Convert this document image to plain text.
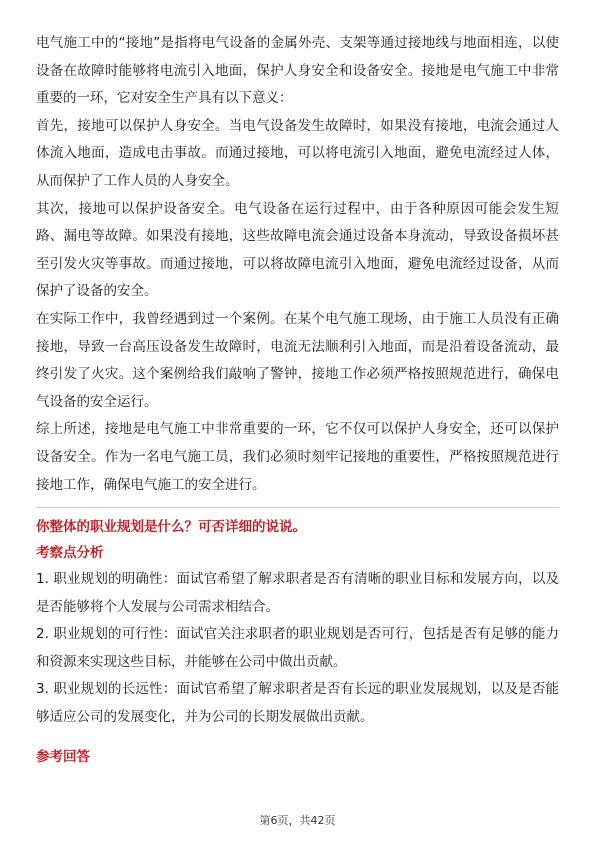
电气施工中的“接地”是指将电气设备的金属外壳、支架等通过接地线与地面相连，以使设备在故障时能够将电流引入地面，保护人身安全和设备安全。接地是电气施工中非常重要的一环，它对安全生产具有以下意义：

首先，接地可以保护人身安全。当电气设备发生故障时，如果没有接地，电流会通过人体流入地面，造成电击事故。而通过接地，可以将电流引入地面，避免电流经过人体，从而保护了工作人员的人身安全。

其次，接地可以保护设备安全。电气设备在运行过程中，由于各种原因可能会发生短路、漏电等故障。如果没有接地，这些故障电流会通过设备本身流动，导致设备损坏甚至引发火灾等事故。而通过接地，可以将故障电流引入地面，避免电流经过设备，从而保护了设备的安全。

在实际工作中，我曾经遇到过一个案例。在某个电气施工现场，由于施工人员没有正确接地，导致一台高压设备发生故障时，电流无法顺利引入地面，而是沿着设备流动，最终引发了火灾。这个案例给我们敲响了警钟，接地工作必须严格按照规范进行，确保电气设备的安全运行。

综上所述，接地是电气施工中非常重要的一环，它不仅可以保护人身安全，还可以保护设备安全。作为一名电气施工员，我们必须时刻牢记接地的重要性，严格按照规范进行接地工作，确保电气施工的安全进行。

你整体的职业规划是什么？可否详细的说说。

考察点分析

1. 职业规划的明确性：面试官希望了解求职者是否有清晰的职业目标和发展方向，以及是否能够将个人发展与公司需求相结合。

2. 职业规划的可行性：面试官关注求职者的职业规划是否可行，包括是否有足够的能力和资源来实现这些目标，并能够在公司中做出贡献。

3. 职业规划的长远性：面试官希望了解求职者是否有长远的职业发展规划，以及是否能够适应公司的发展变化，并为公司的长期发展做出贡献。

参考回答

第6页，共42页
